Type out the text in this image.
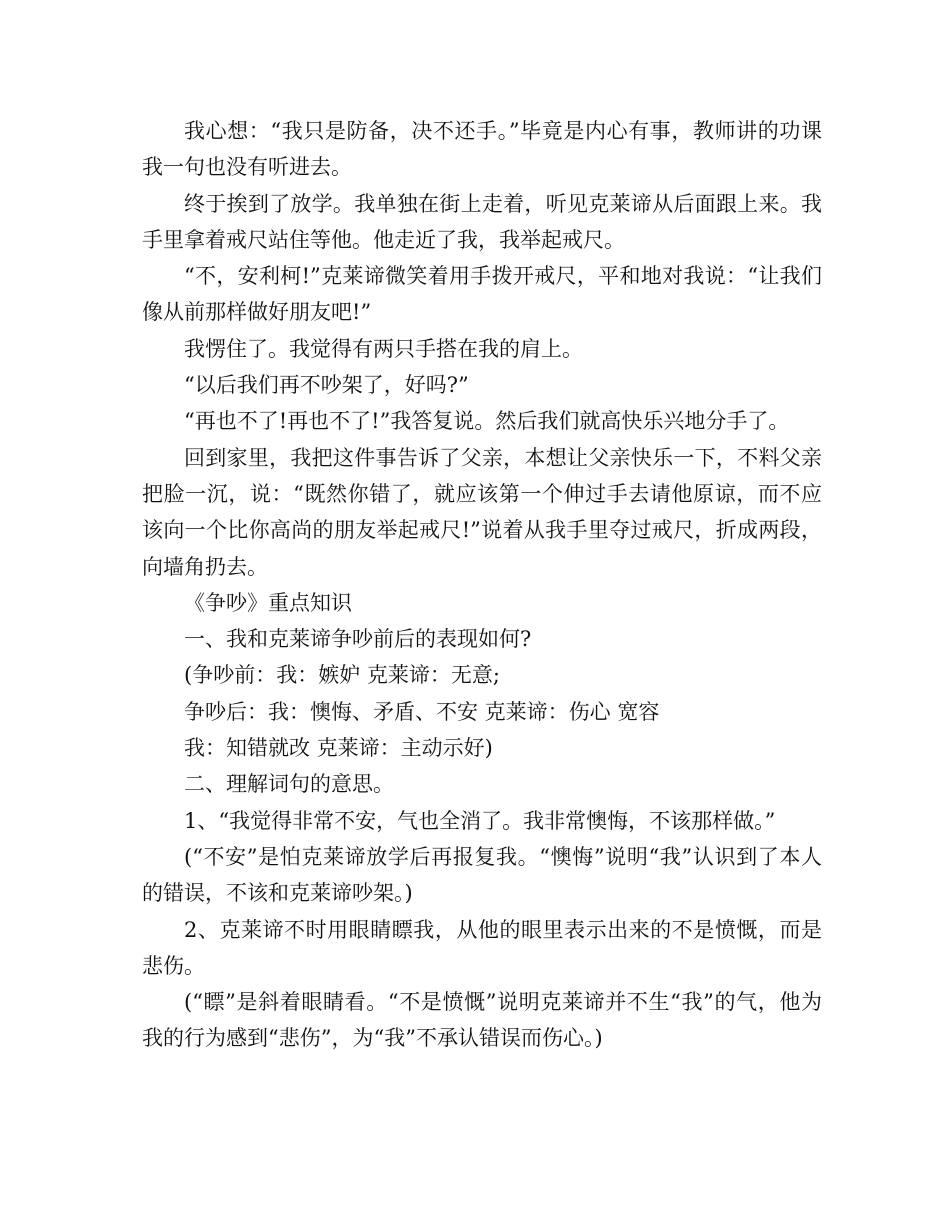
我心想：“我只是防备，决不还手。”毕竟是内心有事，教师讲的功课我一句也没有听进去。

终于挨到了放学。我单独在街上走着，听见克莱谛从后面跟上来。我手里拿着戒尺站住等他。他走近了我，我举起戒尺。

“不，安利柯!”克莱谛微笑着用手拨开戒尺，平和地对我说：“让我们像从前那样做好朋友吧!”

我愣住了。我觉得有两只手搭在我的肩上。

“以后我们再不吵架了，好吗?”

“再也不了!再也不了!”我答复说。然后我们就高快乐兴地分手了。

回到家里，我把这件事告诉了父亲，本想让父亲快乐一下，不料父亲把脸一沉，说：“既然你错了，就应该第一个伸过手去请他原谅，而不应该向一个比你高尚的朋友举起戒尺!”说着从我手里夺过戒尺，折成两段，向墙角扔去。

《争吵》重点知识

一、我和克莱谛争吵前后的表现如何?

(争吵前：我：嫉妒 克莱谛：无意;

争吵后：我：懊悔、矛盾、不安 克莱谛：伤心 宽容

我：知错就改 克莱谛：主动示好)

二、理解词句的意思。

1、“我觉得非常不安，气也全消了。我非常懊悔，不该那样做。”

(“不安”是怕克莱谛放学后再报复我。“懊悔”说明“我”认识到了本人的错误，不该和克莱谛吵架。)

2、克莱谛不时用眼睛瞟我，从他的眼里表示出来的不是愤慨，而是悲伤。

(“瞟”是斜着眼睛看。“不是愤慨”说明克莱谛并不生“我”的气，他为我的行为感到“悲伤”，为“我”不承认错误而伤心。)
